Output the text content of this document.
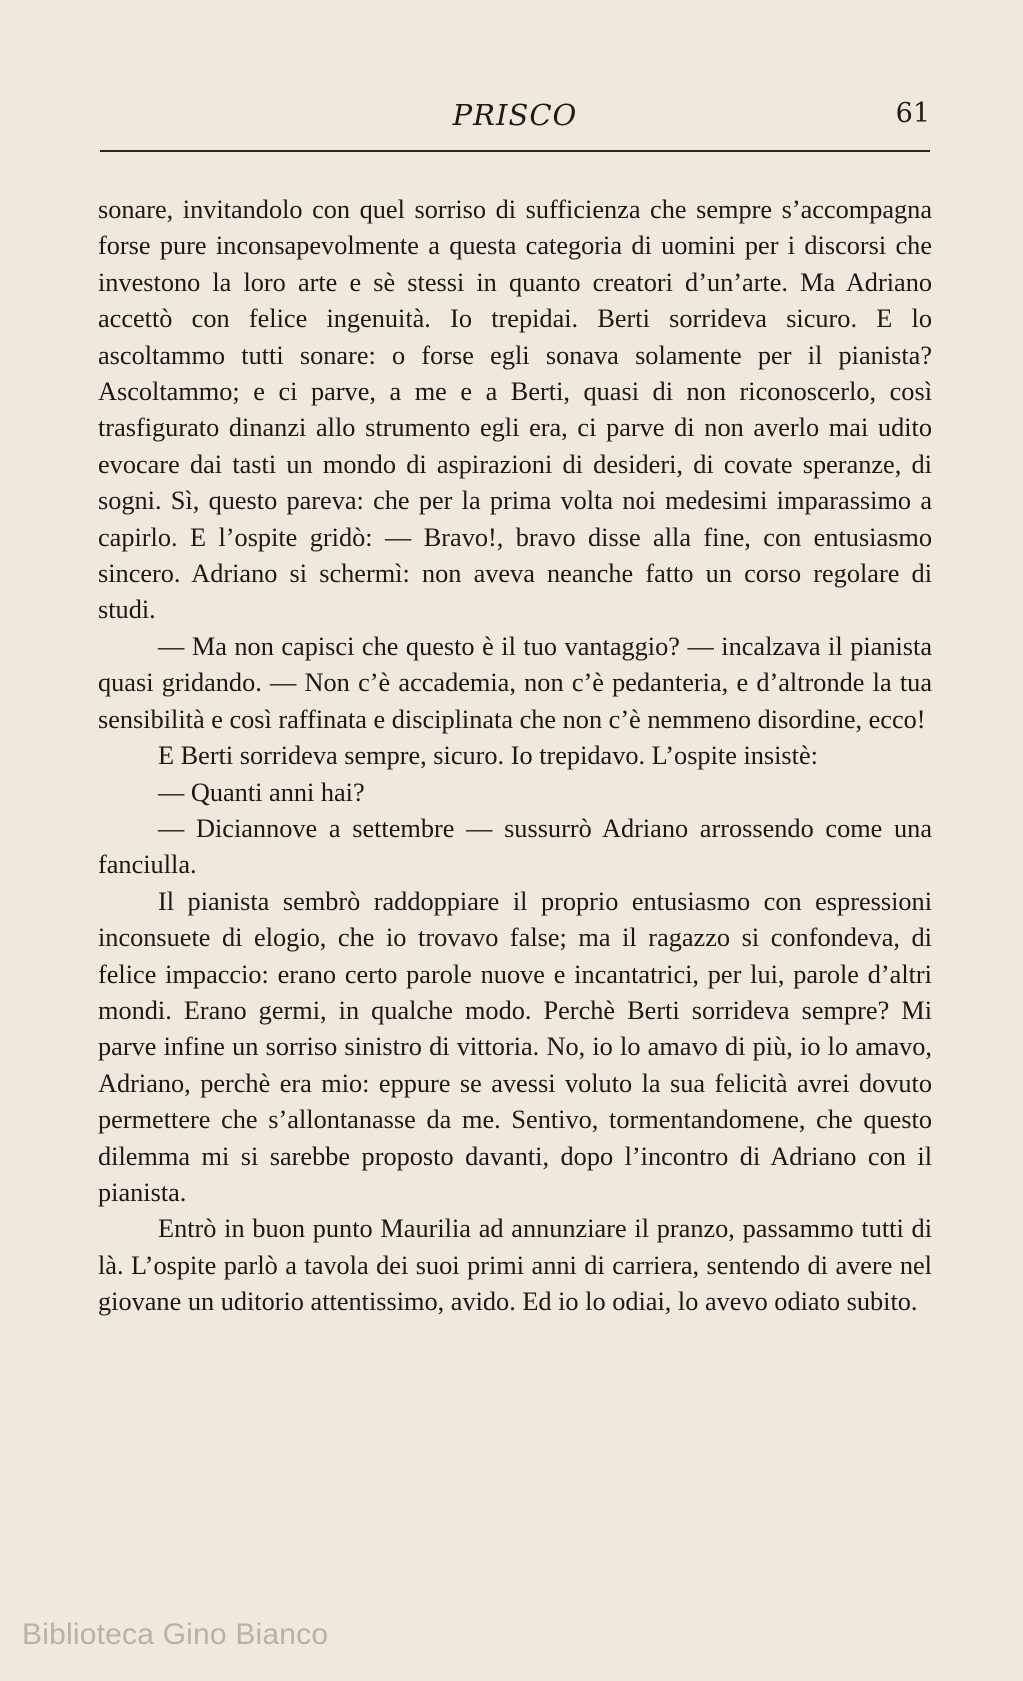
PRISCO	61

sonare, invitandolo con quel sorriso di sufficienza che sempre s’accompagna forse pure inconsapevolmente a questa categoria di uomini per i discorsi che investono la loro arte e sè stessi in quanto creatori d’un’arte. Ma Adriano accettò con felice ingenuità. Io trepidai. Berti sorrideva sicuro. E lo ascoltammo tutti sonare: o forse egli sonava solamente per il pianista? Ascoltammo; e ci parve, a me e a Berti, quasi di non riconoscerlo, così trasfigurato dinanzi allo strumento egli era, ci parve di non averlo mai udito evocare dai tasti un mondo di aspirazioni di desideri, di covate speranze, di sogni. Sì, questo pareva: che per la prima volta noi medesimi imparassimo a capirlo. E l’ospite gridò: — Bravo!, bravo disse alla fine, con entusiasmo sincero. Adriano si schermì: non aveva neanche fatto un corso regolare di studi.

— Ma non capisci che questo è il tuo vantaggio? — incalzava il pianista quasi gridando. — Non c’è accademia, non c’è pedanteria, e d’altronde la tua sensibilità e così raffinata e disciplinata che non c’è nemmeno disordine, ecco!

E Berti sorrideva sempre, sicuro. Io trepidavo. L’ospite insistè:

— Quanti anni hai?

— Diciannove a settembre — sussurrò Adriano arrossendo come una fanciulla.

Il pianista sembrò raddoppiare il proprio entusiasmo con espressioni inconsuete di elogio, che io trovavo false; ma il ragazzo si confondeva, di felice impaccio: erano certo parole nuove e incantatrici, per lui, parole d’altri mondi. Erano germi, in qualche modo. Perchè Berti sorrideva sempre? Mi parve infine un sorriso sinistro di vittoria. No, io lo amavo di più, io lo amavo, Adriano, perchè era mio: eppure se avessi voluto la sua felicità avrei dovuto permettere che s’allontanasse da me. Sentivo, tormentandomene, che questo dilemma mi si sarebbe proposto davanti, dopo l’incontro di Adriano con il pianista.

Entrò in buon punto Maurilia ad annunziare il pranzo, passammo tutti di là. L’ospite parlò a tavola dei suoi primi anni di carriera, sentendo di avere nel giovane un uditorio attentissimo, avido. Ed io lo odiai, lo avevo odiato subito.

Biblioteca Gino Bianco
